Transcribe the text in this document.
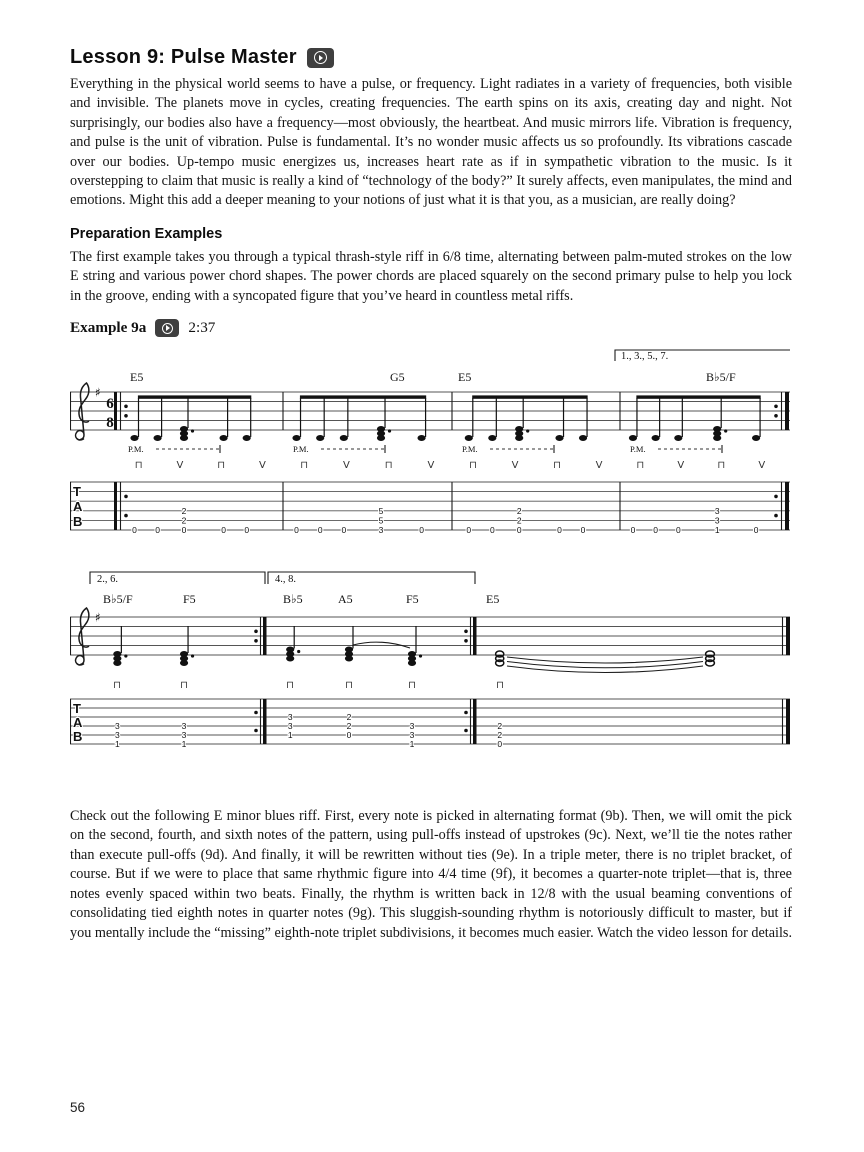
Lesson 9: Pulse Master

Everything in the physical world seems to have a pulse, or frequency. Light radiates in a variety of frequencies, both visible and invisible. The planets move in cycles, creating frequencies. The earth spins on its axis, creating day and night. Not surprisingly, our bodies also have a frequency—most obviously, the heartbeat. And music mirrors life. Vibration is frequency, and pulse is the unit of vibration. Pulse is fundamental. It’s no wonder music affects us so profoundly. Its vibrations cascade over our bodies. Up-tempo music energizes us, increases heart rate as if in sympathetic vibration to the music. Is it overstepping to claim that music is really a kind of “technology of the body?” It surely affects, even manipulates, the mind and emotions. Might this add a deeper meaning to your notions of just what it is that you, as a musician, are really doing?

Preparation Examples

The first example takes you through a typical thrash-style riff in 6/8 time, alternating between palm-muted strokes on the low E string and various power chord shapes. The power chords are placed squarely on the second primary pulse to help you lock in the groove, ending with a syncopated figure that you’ve heard in countless metal riffs.

Example 9a	2:37
1., 3., 5., 7.
E5	G5	E5	B♭5/F
♯
6
8
P.M.	P.M.	P.M.	P.M.
⊓	V	⊓	V	⊓	V	⊓	V	⊓	V	⊓	V	⊓	V	⊓	V
T
A
B
0 0
2
2
0	0 0	0 0 0
5
5
3	0	0 0
2
2
0	0 0	0 0 0
3
3
1	0
2., 6.	4., 8.
B♭5/F	F5	B♭5	A5	F5	E5
♯
⊓	⊓	⊓	⊓	⊓	⊓
T
A
B
3
3
1
3
3
1
3
3
1
2
2
0
3
3
1
2
2
0

Check out the following E minor blues riff. First, every note is picked in alternating format (9b). Then, we will omit the pick on the second, fourth, and sixth notes of the pattern, using pull-offs instead of upstrokes (9c). Next, we’ll tie the notes rather than execute pull-offs (9d). And finally, it will be rewritten without ties (9e). In a triple meter, there is no triplet bracket, of course. But if we were to place that same rhythmic figure into 4/4 time (9f), it becomes a quarter-note triplet—that is, three notes evenly spaced within two beats. Finally, the rhythm is written back in 12/8 with the usual beaming conventions of consolidating tied eighth notes in quarter notes (9g). This sluggish-sounding rhythm is notoriously difficult to master, but if you mentally include the “missing” eighth-note triplet subdivisions, it becomes much easier. Watch the video lesson for details.

56
